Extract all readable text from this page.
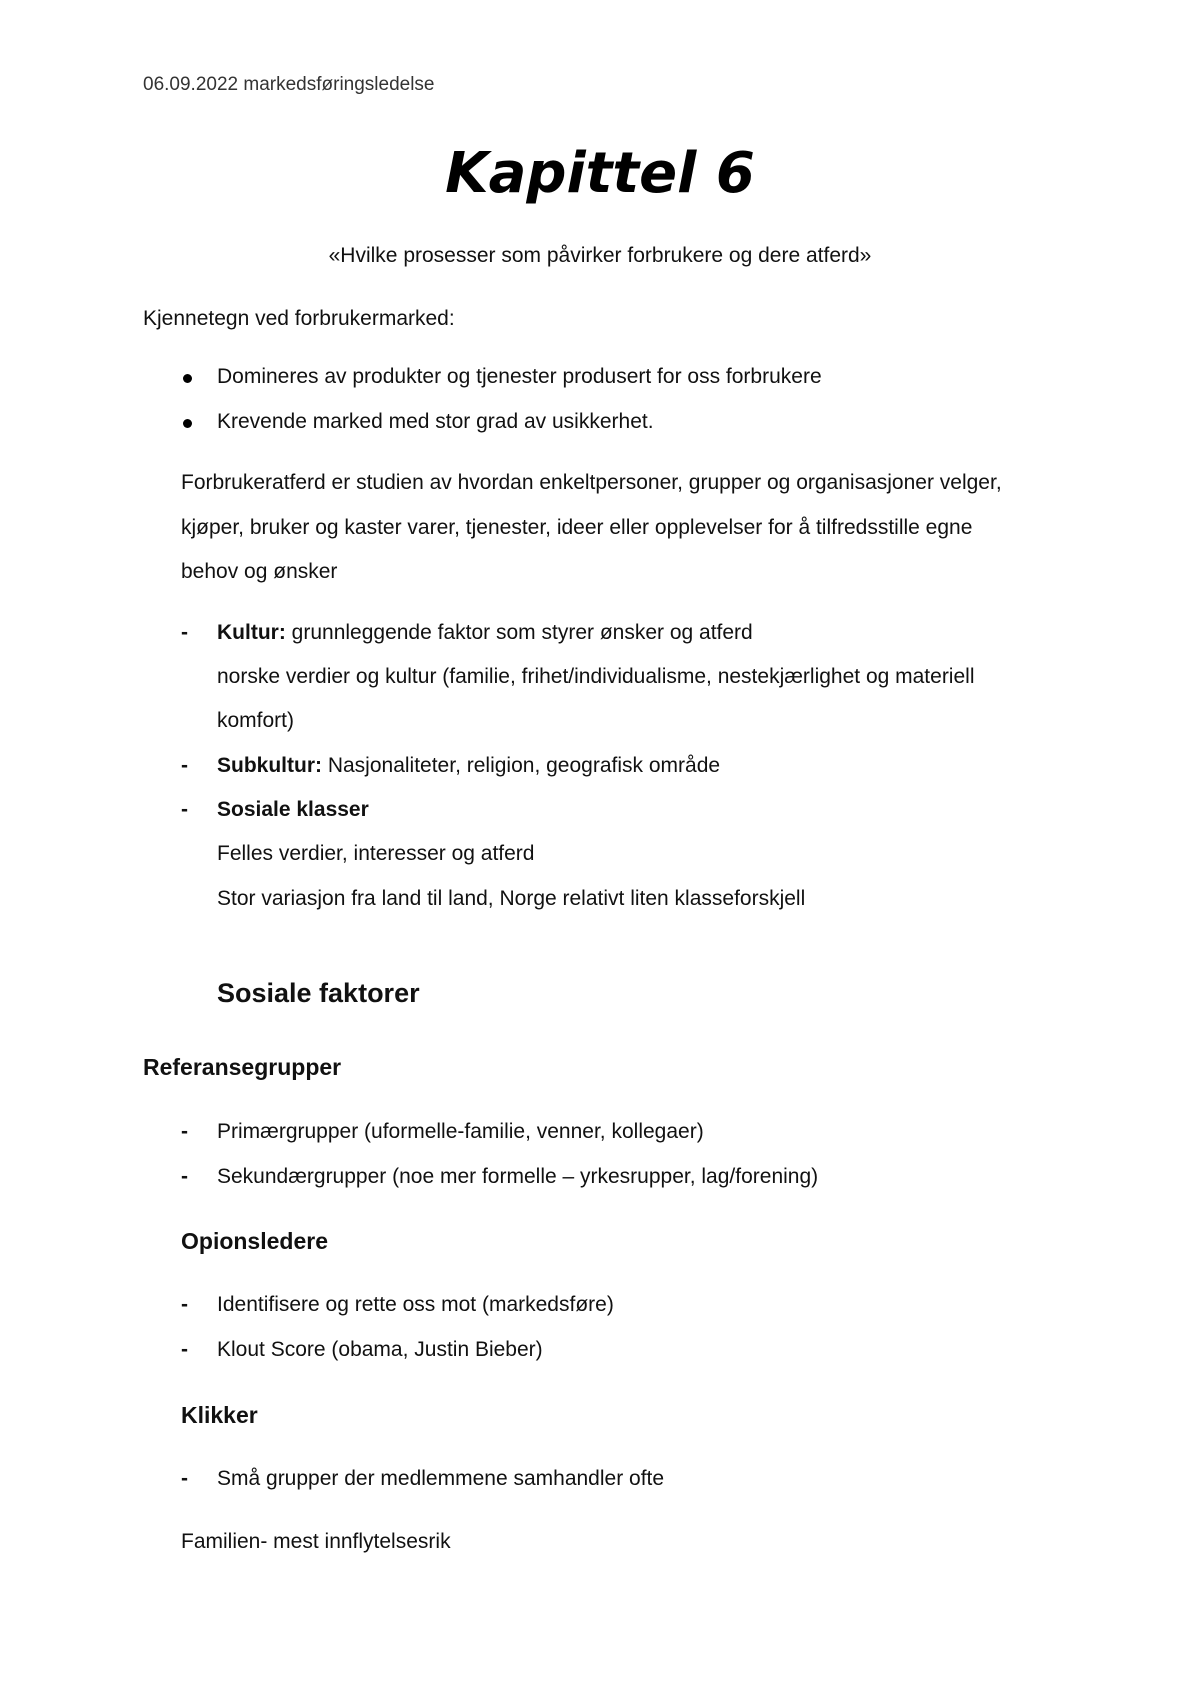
06.09.2022 markedsføringsledelse
Kapittel 6
«Hvilke prosesser som påvirker forbrukere og dere atferd»
Kjennetegn ved forbrukermarked:
Domineres av produkter og tjenester produsert for oss forbrukere
Krevende marked med stor grad av usikkerhet.
Forbrukeratferd er studien av hvordan enkeltpersoner, grupper og organisasjoner velger,
kjøper, bruker og kaster varer, tjenester, ideer eller opplevelser for å tilfredsstille egne
behov og ønsker
- Kultur: grunnleggende faktor som styrer ønsker og atferd
norske verdier og kultur (familie, frihet/individualisme, nestekjærlighet og materiell
komfort)
- Subkultur: Nasjonaliteter, religion, geografisk område
- Sosiale klasser
Felles verdier, interesser og atferd
Stor variasjon fra land til land, Norge relativt liten klasseforskjell
Sosiale faktorer
Referansegrupper
- Primærgrupper (uformelle-familie, venner, kollegaer)
- Sekundærgrupper (noe mer formelle – yrkesrupper, lag/forening)
Opionsledere
- Identifisere og rette oss mot (markedsføre)
- Klout Score (obama, Justin Bieber)
Klikker
- Små grupper der medlemmene samhandler ofte
Familien- mest innflytelsesrik
